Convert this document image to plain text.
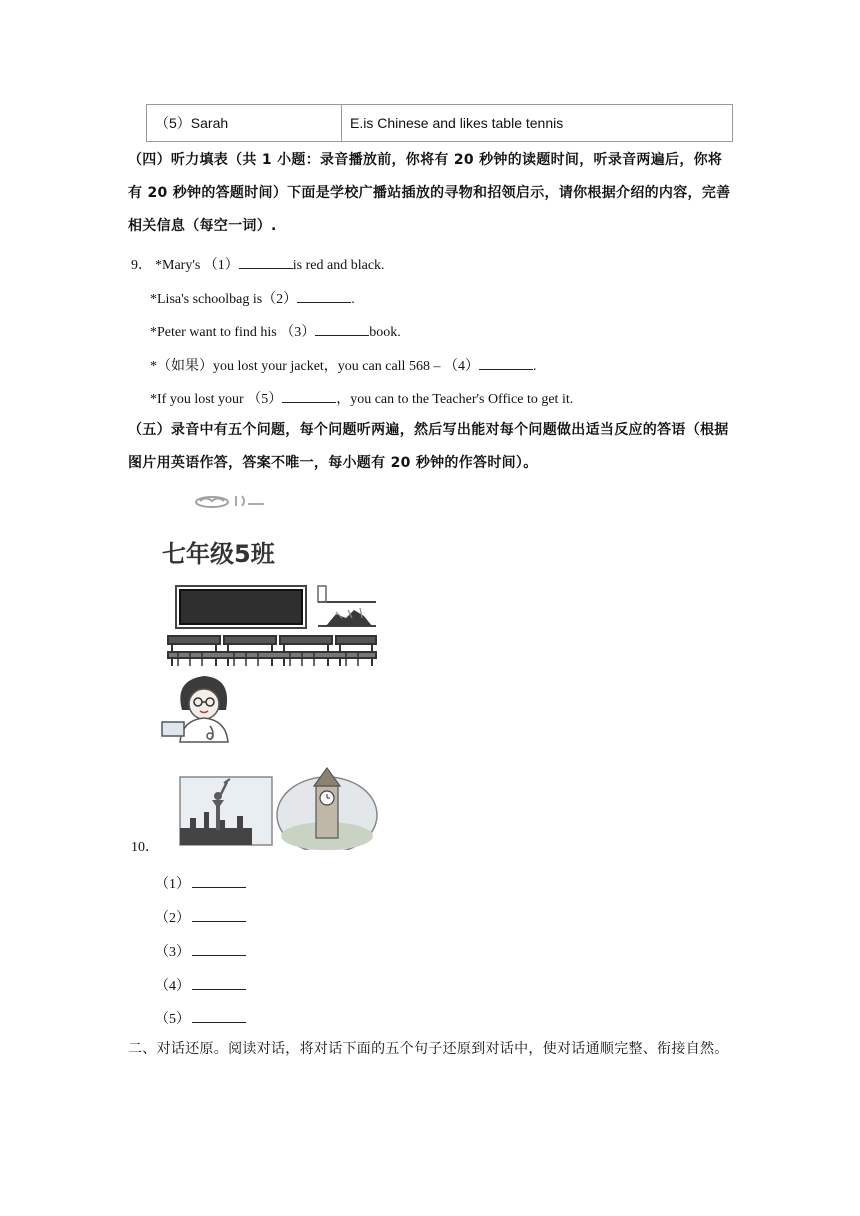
（5）Sarah	E.is Chinese and likes table tennis
（四）听力填表（共 1 小题：录音播放前，你将有 20 秒钟的读题时间，听录音两遍后，你将有 20 秒钟的答题时间）下面是学校广播站插放的寻物和招领启示，请你根据介绍的内容，完善相关信息（每空一词）.
9． *Mary's （1）	is red and black.
*Lisa's schoolbag is（2）	.
*Peter want to find his （3）	book.
*（如果）you lost your jacket，you can call 568 – （4）	.
*If you lost your （5）	，you can to the Teacher's Office to get it.
（五）录音中有五个问题，每个问题听两遍，然后写出能对每个问题做出适当反应的答语（根据图片用英语作答，答案不唯一，每小题有 20 秒钟的作答时间）。
七年级5班
10．
（1）
（2）
（3）
（4）
（5）
二、对话还原。阅读对话，将对话下面的五个句子还原到对话中，使对话通顺完整、衔接自然。
